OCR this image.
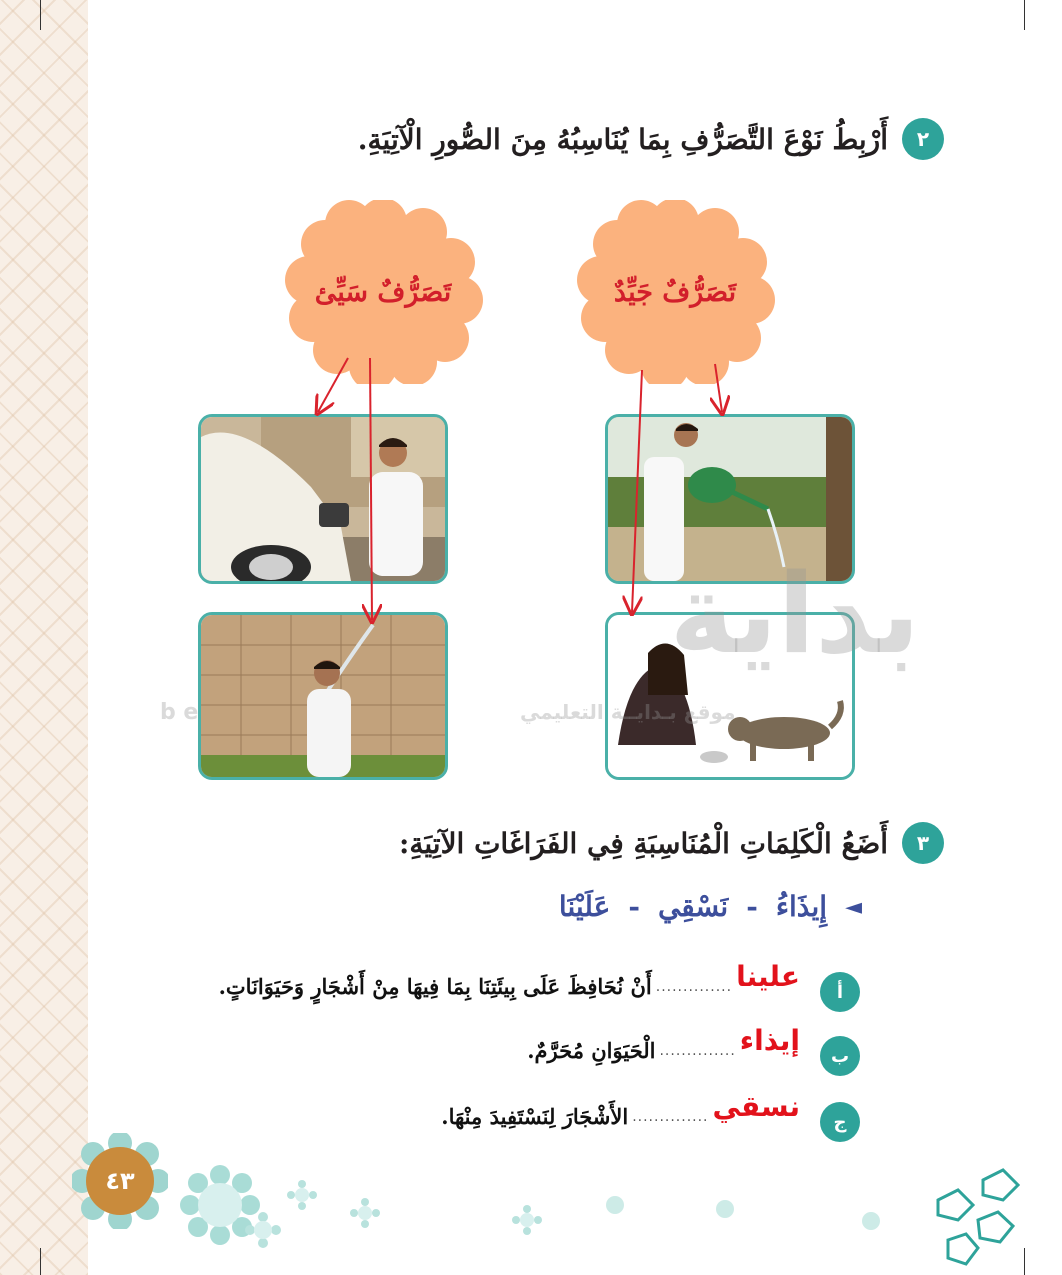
٢
أَرْبِطُ نَوْعَ التَّصَرُّفِ بِمَا يُنَاسِبُهُ مِنَ الصُّورِ الْآتِيَةِ.
تَصَرُّفٌ جَيِّدٌ
تَصَرُّفٌ سَيِّئ
بداية
b e	موقع بـدايــة التعليمي
٣
أَضَعُ الْكَلِمَاتِ الْمُنَاسِبَةِ فِي الفَرَاغَاتِ الآتِيَةِ:
◄
إِيذَاءُ
-
نَسْقِي
-
عَلَيْنَا
أ
علينا
..............
أَنْ نُحَافِظَ عَلَى بِيئَتِنَا بِمَا فِيهَا مِنْ أَشْجَارٍ وَحَيَوَانَاتٍ.
ب
إيذاء
..............
الْحَيَوَانِ مُحَرَّمٌ.
ج
نسقي
..............
الأَشْجَارَ لِنَسْتَفِيدَ مِنْهَا.
٤٣
